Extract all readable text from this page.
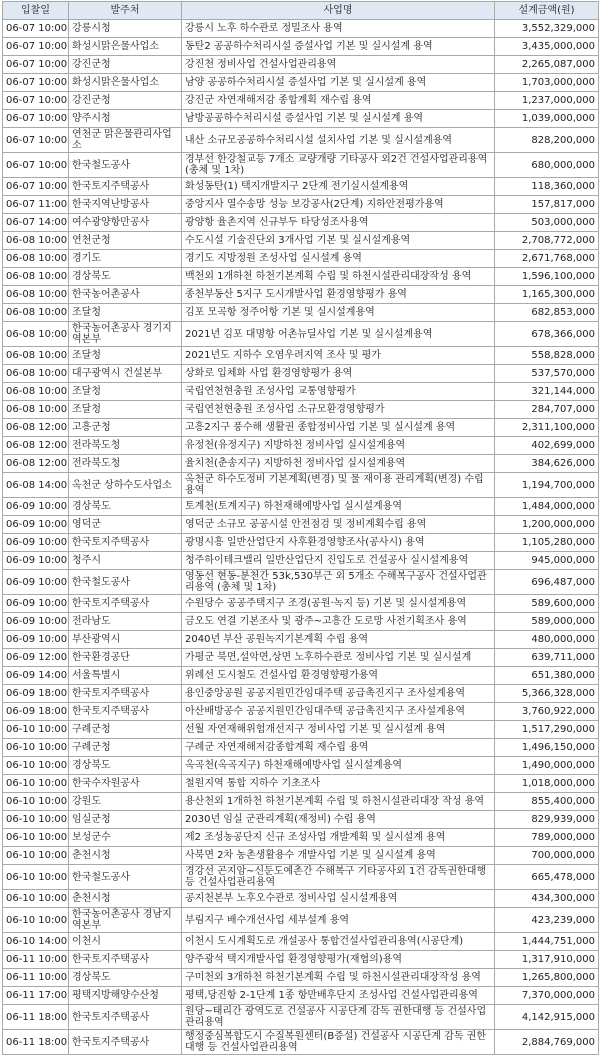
입찰일	발주처	사업명	설계금액(원)
06-07 10:00	강릉시청	강릉시 노후 하수관로 정밀조사 용역	3,552,329,000
06-07 10:00	화성시맑은물사업소	동탄2 공공하수처리시설 증설사업 기본 및 실시설계 용역	3,435,000,000
06-07 10:00	강진군청	강진천 정비사업 건설사업관리용역	2,265,087,000
06-07 10:00	화성시맑은물사업소	남양 공공하수처리시설 증설사업 기본 및 실시설계 용역	1,703,000,000
06-07 10:00	강진군청	강진군 자연재해저감 종합계획 재수립 용역	1,237,000,000
06-07 10:00	양주시청	남방공공하수처리시설 증설사업 기본 및 실시설계 용역	1,039,000,000
06-07 10:00	연천군 맑은물관리사업소	내산 소규모공공하수처리시설 설치사업 기본 및 실시설계용역	828,200,000
06-07 10:00	한국철도공사	경부선 한강철교등 7개소 교량개량 기타공사 외2건 건설사업관리용역 (총체 및 1차)	680,000,000
06-07 10:00	한국토지주택공사	화성동탄(1) 택지개발지구 2단계 전기실시설계용역	118,360,000
06-07 11:00	한국지역난방공사	중앙지사 열수송망 성능 보강공사(2단계) 지하안전평가용역	157,817,000
06-07 14:00	여수광양항만공사	광양항 율촌지역 신규부두 타당성조사용역	503,000,000
06-08 10:00	연천군청	수도시설 기술진단외 3개사업 기본 및 실시설계용역	2,708,772,000
06-08 10:00	경기도	경기도 지방정원 조성사업 실시설계 용역	2,671,768,000
06-08 10:00	경상북도	백천외 1개하천 하천기본계획 수립 및 하천시설관리대장작성 용역	1,596,100,000
06-08 10:00	한국농어촌공사	종천부동산 5지구 도시개발사업 환경영향평가 용역	1,165,300,000
06-08 10:00	조달청	김포 모곡항 정주어항 기본 및 실시설계용역	682,853,000
06-08 10:00	한국농어촌공사 경기지역본부	2021년 김포 대명항 어촌뉴딜사업 기본 및 실시설계용역	678,366,000
06-08 10:00	조달청	2021년도 지하수 오염우려지역 조사 및 평가	558,828,000
06-08 10:00	대구광역시 건설본부	상화로 입체화 사업 환경영향평가 용역	537,570,000
06-08 10:00	조달청	국립연천현충원 조성사업 교통영향평가	321,144,000
06-08 10:00	조달청	국립연천현충원 조성사업 소규모환경영향평가	284,707,000
06-08 12:00	고흥군청	고흥2지구 풍수해 생활권 종합정비사업 기본 및 실시설계 용역	2,311,100,000
06-08 12:00	전라북도청	유정천(유정지구) 지방하천 정비사업 실시설계용역	402,699,000
06-08 12:00	전라북도청	율치천(춘송지구) 지방하천 정비사업 실시설계용역	384,626,000
06-08 14:00	옥천군 상하수도사업소	옥천군 하수도정비 기본계획(변경) 및 물 재이용 관리계획(변경) 수립 용역	1,194,700,000
06-09 10:00	경상북도	토계천(토계지구) 하천재해예방사업 실시설계용역	1,484,000,000
06-09 10:00	영덕군	영덕군 소규모 공공시설 안전점검 및 정비계획수립 용역	1,200,000,000
06-09 10:00	한국토지주택공사	광명시흥 일반산업단지 사후환경영향조사(공사시) 용역	1,105,280,000
06-09 10:00	청주시	청주하이테크밸리 일반산업단지 진입도로 건설공사 실시설계용역	945,000,000
06-09 10:00	한국철도공사	영동선 현동-분천간 53k,530부근 외 5개소 수해복구공사 건설사업관리용역 (총체 및 1차)	696,487,000
06-09 10:00	한국토지주택공사	수원당수 공공주택지구 조경(공원·녹지 등) 기본 및 실시설계용역	589,600,000
06-09 10:00	전라남도	금오도 연결 기본조사 및 광주~고흥간 도로망 사전기획조사 용역	589,000,000
06-09 10:00	부산광역시	2040년 부산 공원녹지기본계획 수립 용역	480,000,000
06-09 12:00	한국환경공단	가평군 북면,설악면,상면 노후하수관로 정비사업 기본 및 실시설계	639,711,000
06-09 14:00	서울특별시	위례선 도시철도 건설사업 환경영향평가용역	651,380,000
06-09 18:00	한국토지주택공사	용인중앙공원 공공지원민간임대주택 공급촉진지구 조사설계용역	5,366,328,000
06-09 18:00	한국토지주택공사	아산배방공수 공공지원민간임대주택 공급촉진지구 조사설계용역	3,760,922,000
06-10 10:00	구례군청	선월 자연재해위험개선지구 정비사업 기본 및 실시설계 용역	1,517,290,000
06-10 10:00	구례군청	구례군 자연재해저감종합계획 재수립 용역	1,496,150,000
06-10 10:00	경상북도	옥곡천(옥곡지구) 하천재해예방사업 실시설계용역	1,490,000,000
06-10 10:00	한국수자원공사	철원지역 통합 지하수 기초조사	1,018,000,000
06-10 10:00	강원도	용산천외 1개하천 하천기본계획 수립 및 하천시설관리대장 작성 용역	855,400,000
06-10 10:00	임실군청	2030년 임실 군관리계획(재정비) 수립 용역	829,939,000
06-10 10:00	보성군수	제2 조성농공단지 신규 조성사업 개발계획 및 실시설계 용역	789,000,000
06-10 10:00	춘천시청	사북면 2차 농촌생활용수 개발사업 기본 및 실시설계 용역	700,000,000
06-10 10:00	한국철도공사	경강선 곤지암~신둔도예촌간 수해복구 기타공사외 1건 감독권한대행 등 건설사업관리용역	665,478,000
06-10 10:00	춘천시청	공지천본부 노후오수관로 정비사업 실시설계용역	434,300,000
06-10 10:00	한국농어촌공사 경남지역본부	부림지구 배수개선사업 세부설계 용역	423,239,000
06-10 14:00	이천시	이천시 도시계획도로 개설공사 통합건설사업관리용역(시공단계)	1,444,751,000
06-11 10:00	한국토지주택공사	양주광석 택지개발사업 환경영향평가(재협의)용역	1,317,910,000
06-11 10:00	경상북도	구미천외 3개하천 하천기본계획 수립 및 하천시설관리대장작성 용역	1,265,800,000
06-11 17:00	평택지방해양수산청	평택,당진항 2-1단계 1종 항만배후단지 조성사업 건설사업관리용역	7,370,000,000
06-11 18:00	한국토지주택공사	원당~태리간 광역도로 건설공사 시공단계 감독 권한대행 등 건설사업관리용역	4,142,915,000
06-11 18:00	한국토지주택공사	행정중심복합도시 수질복원센터(B증설) 건설공사 시공단계 감독 권한대행 등 건설사업관리용역	2,884,769,000
